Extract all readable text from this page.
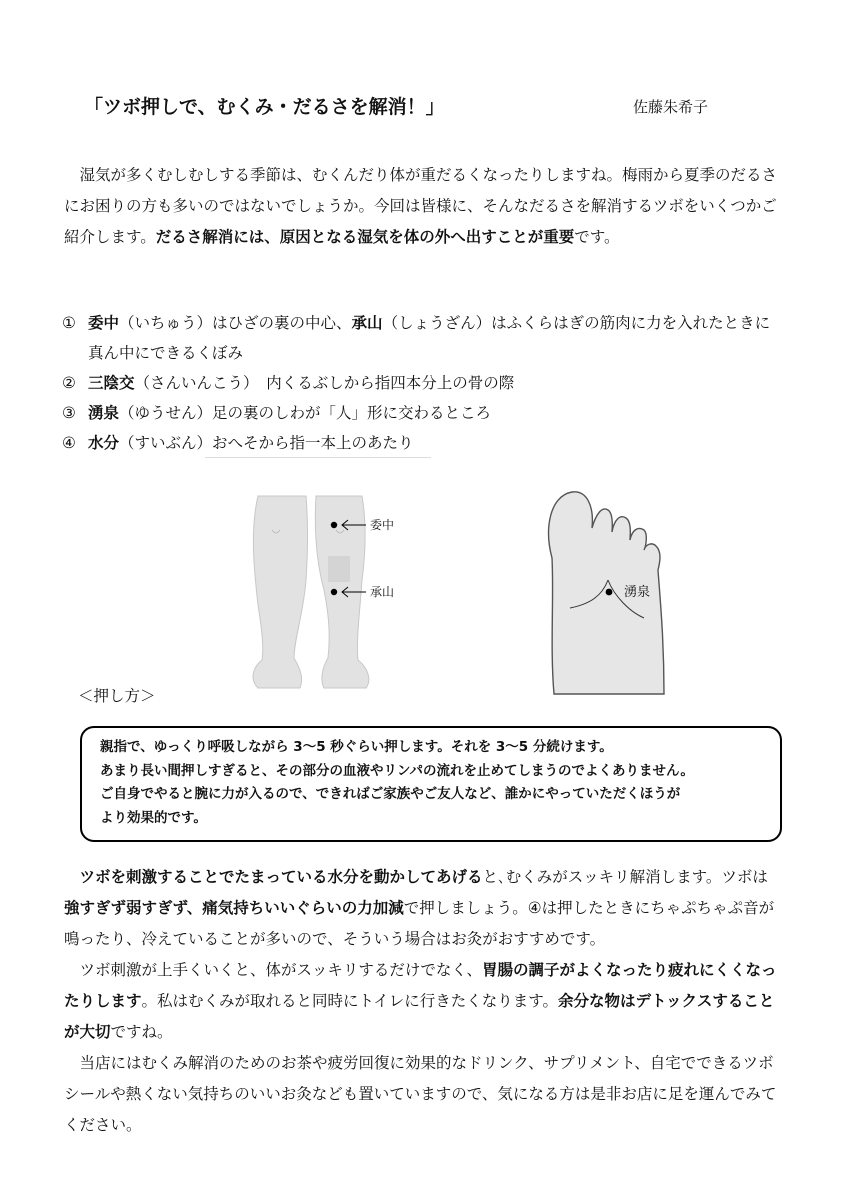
「ツボ押しで、むくみ・だるさを解消！」	佐藤朱希子

湿気が多くむしむしする季節は、むくんだり体が重だるくなったりしますね。梅雨から夏季のだるさにお困りの方も多いのではないでしょうか。今回は皆様に、そんなだるさを解消するツボをいくつかご紹介します。だるさ解消には、原因となる湿気を体の外へ出すことが重要です。

① 委中（いちゅう）はひざの裏の中心、承山（しょうざん）はふくらはぎの筋肉に力を入れたときに真ん中にできるくぼみ
② 三陰交（さんいんこう）　内くるぶしから指四本分上の骨の際
③ 湧泉（ゆうせん）足の裏のしわが「人」形に交わるところ
④ 水分（すいぶん）おへそから指一本上のあたり
委中
承山	湧泉
＜押し方＞
親指で、ゆっくり呼吸しながら 3～5 秒ぐらい押します。それを 3～5 分続けます。
あまり長い間押しすぎると、その部分の血液やリンパの流れを止めてしまうのでよくありません。
ご自身でやると腕に力が入るので、できればご家族やご友人など、誰かにやっていただくほうが
より効果的です。

ツボを刺激することでたまっている水分を動かしてあげると､むくみがスッキリ解消します。ツボは強すぎず弱すぎず、痛気持ちいいぐらいの力加減で押しましょう。④は押したときにちゃぷちゃぷ音が鳴ったり、冷えていることが多いので、そういう場合はお灸がおすすめです。

ツボ刺激が上手くいくと、体がスッキリするだけでなく、胃腸の調子がよくなったり疲れにくくなったりします。私はむくみが取れると同時にトイレに行きたくなります。余分な物はデトックスすることが大切ですね。

当店にはむくみ解消のためのお茶や疲労回復に効果的なドリンク、サプリメント、自宅でできるツボシールや熱くない気持ちのいいお灸なども置いていますので、気になる方は是非お店に足を運んでみてください。
